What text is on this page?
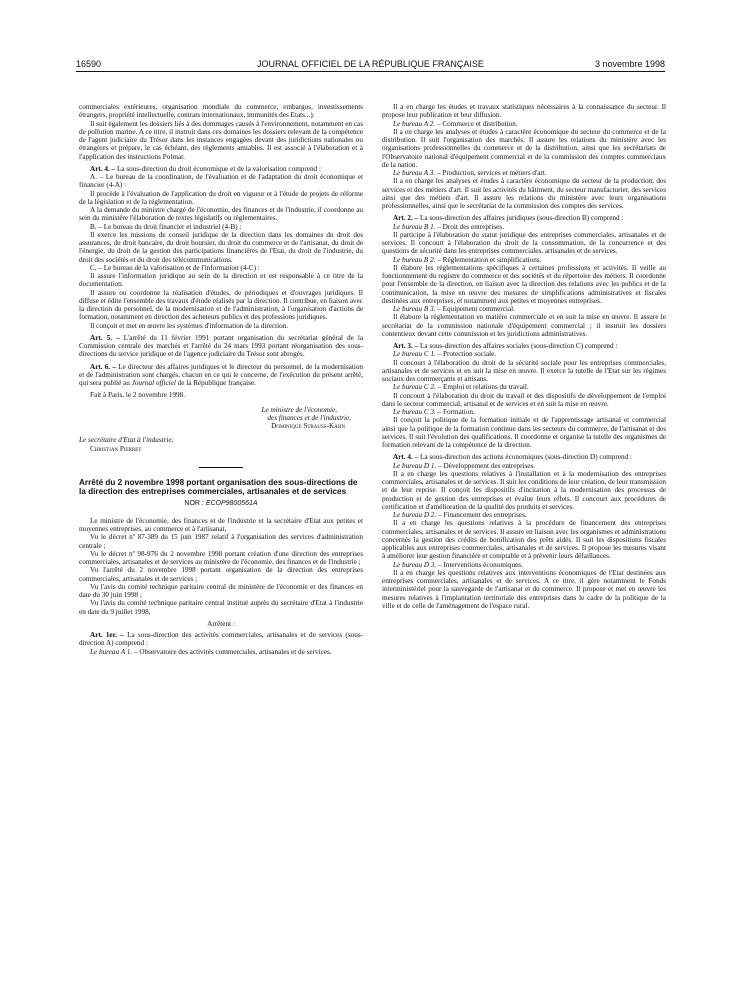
16590	JOURNAL OFFICIEL DE LA RÉPUBLIQUE FRANÇAISE	3 novembre 1998

commerciales extérieures, organisation mondiale du commerce, embargos, investissements étrangers, propriété intellectuelle, contrats internationaux, immunités des Etats...).

Il suit également les dossiers liés à des dommages causés à l'environnement, notamment en cas de pollution marine. A ce titre, il instruit dans ces domaines les dossiers relevant de la compétence de l'agent judiciaire du Trésor dans les instances engagées devant des juridictions nationales ou étrangères et prépare, le cas échéant, des règlements amiables. Il est associé à l'élaboration et à l'application des instructions Polmar.

Art. 4. – La sous-direction du droit économique et de la valorisation comprend :

A. – Le bureau de la coordination, de l'évaluation et de l'adaptation du droit économique et financier (4-A) :

Il procède à l'évaluation de l'application du droit en vigueur et à l'étude de projets de réforme de la législation et de la réglementation.

A la demande du ministre chargé de l'économie, des finances et de l'industrie, il coordonne au sein du ministère l'élaboration de textes législatifs ou réglementaires.

B. – Le bureau du droit financier et industriel (4-B) :

Il exerce les missions de conseil juridique de la direction dans les domaines du droit des assurances, du droit bancaire, du droit boursier, du droit du commerce et de l'artisanat, du droit de l'énergie, du droit de la gestion des participations financières de l'Etat, du droit de l'industrie, du droit des sociétés et du droit des télécommunications.

C. – Le bureau de la valorisation et de l'information (4-C) :

Il assure l'information juridique au sein de la direction et est responsable à ce titre de la documentation.

Il assure ou coordonne la réalisation d'études, de périodiques et d'ouvrages juridiques. Il diffuse et édite l'ensemble des travaux d'étude réalisés par la direction. Il contribue, en liaison avec la direction du personnel, de la modernisation et de l'administration, à l'organisation d'actions de formation, notamment en direction des acheteurs publics et des professions juridiques.

Il conçoit et met en œuvre les systèmes d'information de la direction.

Art. 5. – L'arrêté du 11 février 1991 portant organisation du secrétariat général de la Commission centrale des marchés et l'arrêté du 24 mars 1993 portant réorganisation des sous-directions du service juridique et de l'agence judiciaire du Trésor sont abrogés.

Art. 6. – Le directeur des affaires juridiques et le directeur du personnel, de la modernisation et de l'administration sont chargés, chacun en ce qui le concerne, de l'exécution du présent arrêté, qui sera publié au Journal officiel de la République française.

Fait à Paris, le 2 novembre 1998.

Le ministre de l'économie,

des finances et de l'industrie,

Dominique Strauss-Kahn

Le secrétaire d'Etat à l'industrie,

Christian Pierret

Arrêté du 2 novembre 1998 portant organisation des sous-directions de la direction des entreprises commerciales, artisanales et de services

NOR : ECOP9800561A

Le ministre de l'économie, des finances et de l'industrie et la secrétaire d'Etat aux petites et moyennes entreprises, au commerce et à l'artisanat,

Vu le décret nº 87-389 du 15 juin 1987 relatif à l'organisation des services d'administration centrale ;

Vu le décret nº 98-976 du 2 novembre 1998 portant création d'une direction des entreprises commerciales, artisanales et de services au ministère de l'économie, des finances et de l'industrie ;

Vu l'arrêté du 2 novembre 1998 portant organisation de la direction des entreprises commerciales, artisanales et de services ;

Vu l'avis du comité technique paritaire central du ministère de l'économie et des finances en date du 30 juin 1998 ;

Vu l'avis du comité technique paritaire central institué auprès du secrétaire d'Etat à l'industrie en date du 9 juillet 1998,

Arrêtent :

Art. 1er. – La sous-direction des activités commerciales, artisanales et de services (sous-direction A) comprend :

Le bureau A 1. – Observatoire des activités commerciales, artisanales et de services.

Il a en charge les études et travaux statistiques nécessaires à la connaissance du secteur. Il propose leur publication et leur diffusion.

Le bureau A 2. – Commerce et distribution.

Il a en charge les analyses et études à caractère économique du secteur du commerce et de la distribution. Il suit l'organisation des marchés. Il assure les relations du ministère avec les organisations professionnelles du commerce et de la distribution, ainsi que les secrétariats de l'Observatoire national d'équipement commercial et de la commission des comptes commerciaux de la nation.

Le bureau A 3. – Production, services et métiers d'art.

Il a en charge les analyses et études à caractère économique du secteur de la production, des services et des métiers d'art. Il suit les activités du bâtiment, du secteur manufacturier, des services ainsi que des métiers d'art. Il assure les relations du ministère avec leurs organisations professionnelles, ainsi que le secrétariat de la commission des comptes des services.

Art. 2. – La sous-direction des affaires juridiques (sous-direction B) comprend :

Le bureau B 1. – Droit des entreprises.

Il participe à l'élaboration du statut juridique des entreprises commerciales, artisanales et de services. Il concourt à l'élaboration du droit de la consommation, de la concurrence et des questions de sécurité dans les entreprises commerciales, artisanales et de services.

Le bureau B 2. – Réglementation et simplifications.

Il élabore les réglementations spécifiques à certaines professions et activités. Il veille au fonctionnement du registre du commerce et des sociétés et du répertoire des métiers. Il coordonne pour l'ensemble de la direction, en liaison avec la direction des relations avec les publics et de la communication, la mise en œuvre des mesures de simplifications administratives et fiscales destinées aux entreprises, et notamment aux petites et moyennes entreprises.

Le bureau B 3. – Equipement commercial.

Il élabore la réglementation en matière commerciale et en suit la mise en œuvre. Il assure le secrétariat de la commission nationale d'équipement commercial ; il instruit les dossiers contentieux devant cette commission et les juridictions administratives.

Art. 3. – La sous-direction des affaires sociales (sous-direction C) comprend :

Le bureau C 1. – Protection sociale.

Il concourt à l'élaboration du droit de la sécurité sociale pour les entreprises commerciales, artisanales et de services et en suit la mise en œuvre. Il exerce la tutelle de l'Etat sur les régimes sociaux des commerçants et artisans.

Le bureau C 2. – Emploi et relations du travail.

Il concourt à l'élaboration du droit du travail et des dispositifs de développement de l'emploi dans le secteur commercial, artisanal et de services et en suit la mise en œuvre.

Le bureau C 3. – Formation.

Il conçoit la politique de la formation initiale et de l'apprentissage artisanal et commercial ainsi que la politique de la formation continue dans les secteurs du commerce, de l'artisanat et des services. Il suit l'évolution des qualifications. Il coordonne et organise la tutelle des organismes de formation relevant de la compétence de la direction.

Art. 4. – La sous-direction des actions économiques (sous-direction D) comprend :

Le bureau D 1. – Développement des entreprises.

Il a en charge les questions relatives à l'installation et à la modernisation des entreprises commerciales, artisanales et de services. Il suit les conditions de leur création, de leur transmission et de leur reprise. Il conçoit les dispositifs d'incitation à la modernisation des processus de production et de gestion des entreprises et évalue leurs effets. Il concourt aux procédures de certification et d'amélioration de la qualité des produits et services.

Le bureau D 2. – Financement des entreprises.

Il a en charge les questions relatives à la procédure de financement des entreprises commerciales, artisanales et de services. Il assure en liaison avec les organismes et administrations concernés la gestion des crédits de bonification des prêts aidés. Il suit les dispositions fiscales applicables aux entreprises commerciales, artisanales et de services. Il propose les mesures visant à améliorer leur gestion financière et comptable et à prévenir leurs défaillances.

Le bureau D 3. – Interventions économiques.

Il a en charge les questions relatives aux interventions économiques de l'Etat destinées aux entreprises commerciales, artisanales et de services. A ce titre, il gère notamment le Fonds interministériel pour la sauvegarde de l'artisanat et du commerce. Il propose et met en œuvre les mesures relatives à l'implantation territoriale des entreprises dans le cadre de la politique de la ville et de celle de l'aménagement de l'espace rural.
